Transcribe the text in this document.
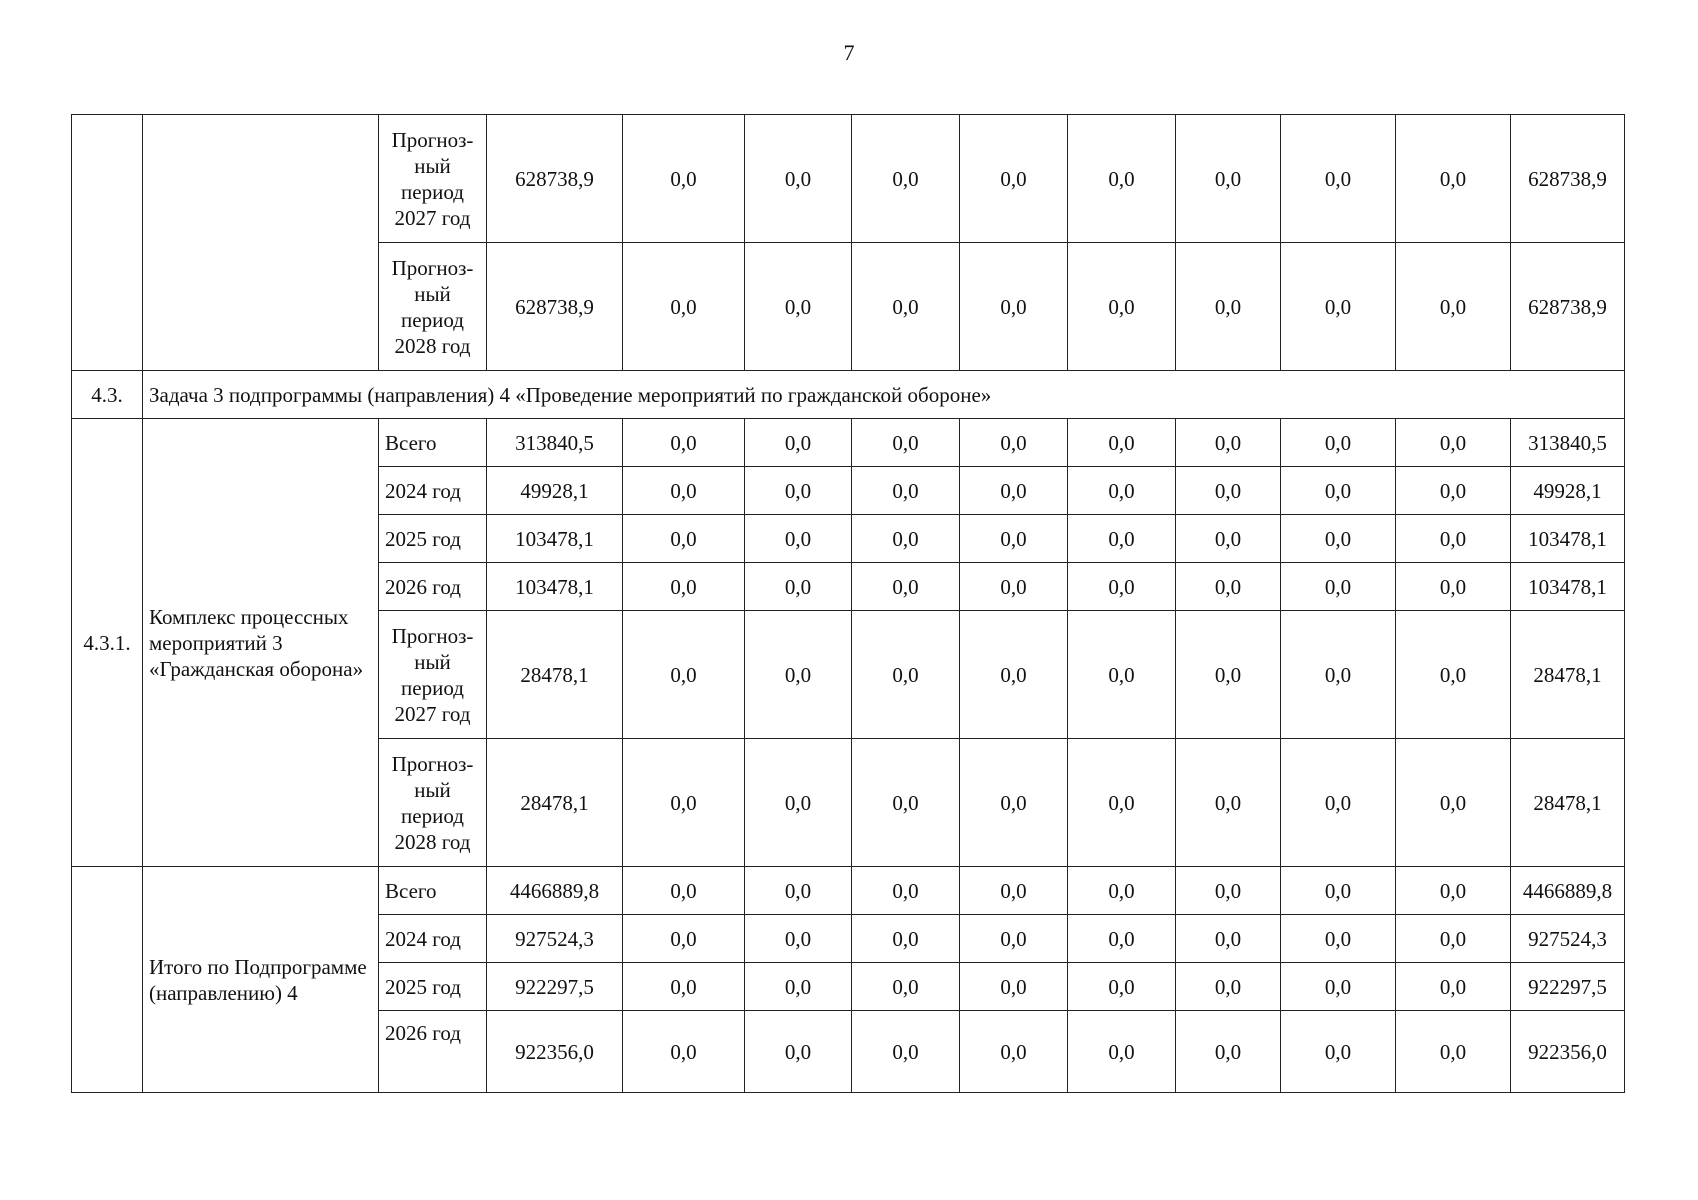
7
		Прогноз-ный период 2027 год	628738,9	0,0	0,0	0,0	0,0	0,0	0,0	0,0	0,0	628738,9
		Прогноз-ный период 2028 год	628738,9	0,0	0,0	0,0	0,0	0,0	0,0	0,0	0,0	628738,9
4.3.	Задача 3 подпрограммы (направления) 4 «Проведение мероприятий по гражданской обороне»											
4.3.1.	Комплекс процессных мероприятий 3 «Гражданская оборона»	Всего	313840,5	0,0	0,0	0,0	0,0	0,0	0,0	0,0	0,0	313840,5
		2024 год	49928,1	0,0	0,0	0,0	0,0	0,0	0,0	0,0	0,0	49928,1
		2025 год	103478,1	0,0	0,0	0,0	0,0	0,0	0,0	0,0	0,0	103478,1
		2026 год	103478,1	0,0	0,0	0,0	0,0	0,0	0,0	0,0	0,0	103478,1
		Прогноз-ный период 2027 год	28478,1	0,0	0,0	0,0	0,0	0,0	0,0	0,0	0,0	28478,1
		Прогноз-ный период 2028 год	28478,1	0,0	0,0	0,0	0,0	0,0	0,0	0,0	0,0	28478,1
	Итого по Подпрограмме (направлению) 4	Всего	4466889,8	0,0	0,0	0,0	0,0	0,0	0,0	0,0	0,0	4466889,8
		2024 год	927524,3	0,0	0,0	0,0	0,0	0,0	0,0	0,0	0,0	927524,3
		2025 год	922297,5	0,0	0,0	0,0	0,0	0,0	0,0	0,0	0,0	922297,5
		2026 год	922356,0	0,0	0,0	0,0	0,0	0,0	0,0	0,0	0,0	922356,0
